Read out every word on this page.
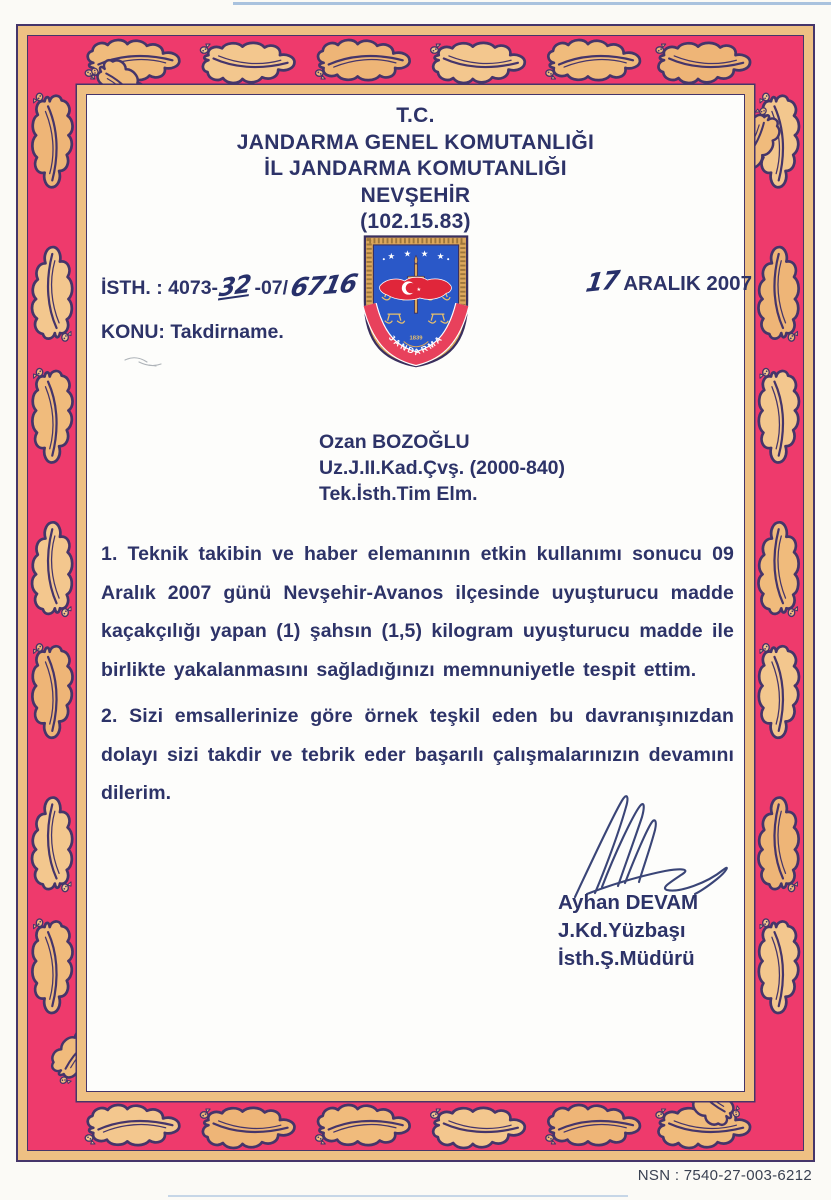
T.C.
JANDARMA GENEL KOMUTANLIĞI
İL JANDARMA KOMUTANLIĞI
NEVŞEHİR
(102.15.83)
★ ★ ★ ★
★
1839
JANDARMA
İSTH. : 4073-32 -07/6716	17ARALIK 2007
KONU: Takdirname.
Ozan BOZOĞLU
Uz.J.II.Kad.Çvş. (2000-840)
Tek.İsth.Tim Elm.

1. Teknik takibin ve haber elemanının etkin kullanımı sonucu 09 Aralık 2007 günü Nevşehir-Avanos ilçesinde uyuşturucu madde kaçakçılığı yapan (1) şahsın (1,5) kilogram uyuşturucu madde ile birlikte yakalanmasını sağladığınızı memnuniyetle tespit ettim.

2. Sizi emsallerinize göre örnek teşkil eden bu davranışınızdan dolayı sizi takdir ve tebrik eder başarılı çalışmalarınızın devamını dilerim.

Ayhan DEVAM
J.Kd.Yüzbaşı
İsth.Ş.Müdürü
NSN : 7540-27-003-6212
